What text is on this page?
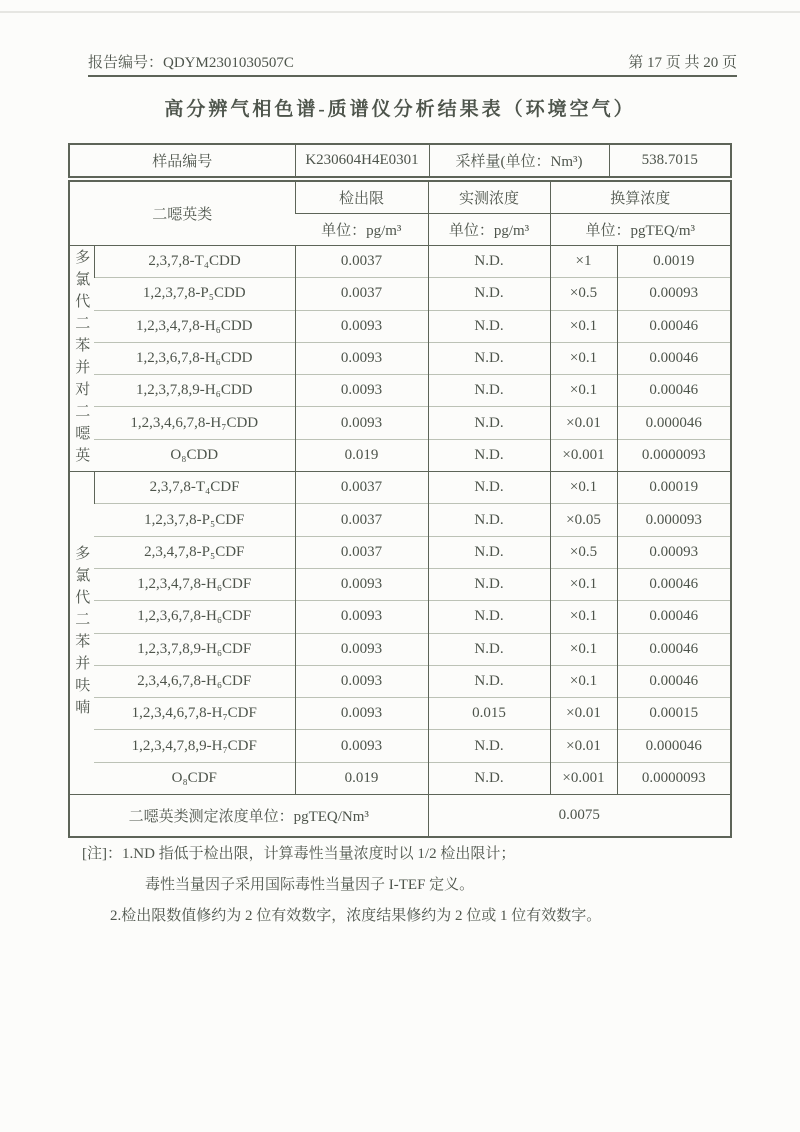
报告编号：QDYM2301030507C	第 17 页 共 20 页
高分辨气相色谱-质谱仪分析结果表（环境空气）
样品编号	K230604H4E0301	采样量(单位：Nm³)	538.7015
二噁英类		检出限	实测浓度	换算浓度	
		单位：pg/m³	单位：pg/m³	单位：pgTEQ/m³	
多氯代二苯并对二噁英	2,3,7,8-T₄CDD	0.0037	N.D.	×1	0.0019
	1,2,3,7,8-P₅CDD	0.0037	N.D.	×0.5	0.00093
	1,2,3,4,7,8-H₆CDD	0.0093	N.D.	×0.1	0.00046
	1,2,3,6,7,8-H₆CDD	0.0093	N.D.	×0.1	0.00046
	1,2,3,7,8,9-H₆CDD	0.0093	N.D.	×0.1	0.00046
	1,2,3,4,6,7,8-H₇CDD	0.0093	N.D.	×0.01	0.000046
	O₈CDD	0.019	N.D.	×0.001	0.0000093
多氯代二苯并呋喃	2,3,7,8-T₄CDF	0.0037	N.D.	×0.1	0.00019
	1,2,3,7,8-P₅CDF	0.0037	N.D.	×0.05	0.000093
	2,3,4,7,8-P₅CDF	0.0037	N.D.	×0.5	0.00093
	1,2,3,4,7,8-H₆CDF	0.0093	N.D.	×0.1	0.00046
	1,2,3,6,7,8-H₆CDF	0.0093	N.D.	×0.1	0.00046
	1,2,3,7,8,9-H₆CDF	0.0093	N.D.	×0.1	0.00046
	2,3,4,6,7,8-H₆CDF	0.0093	N.D.	×0.1	0.00046
	1,2,3,4,6,7,8-H₇CDF	0.0093	0.015	×0.01	0.00015
	1,2,3,4,7,8,9-H₇CDF	0.0093	N.D.	×0.01	0.000046
	O₈CDF	0.019	N.D.	×0.001	0.0000093
二噁英类测定浓度单位：pgTEQ/Nm³			0.0075		
[注]：1.ND 指低于检出限，计算毒性当量浓度时以 1/2 检出限计；
毒性当量因子采用国际毒性当量因子 I-TEF 定义。
2.检出限数值修约为 2 位有效数字，浓度结果修约为 2 位或 1 位有效数字。
